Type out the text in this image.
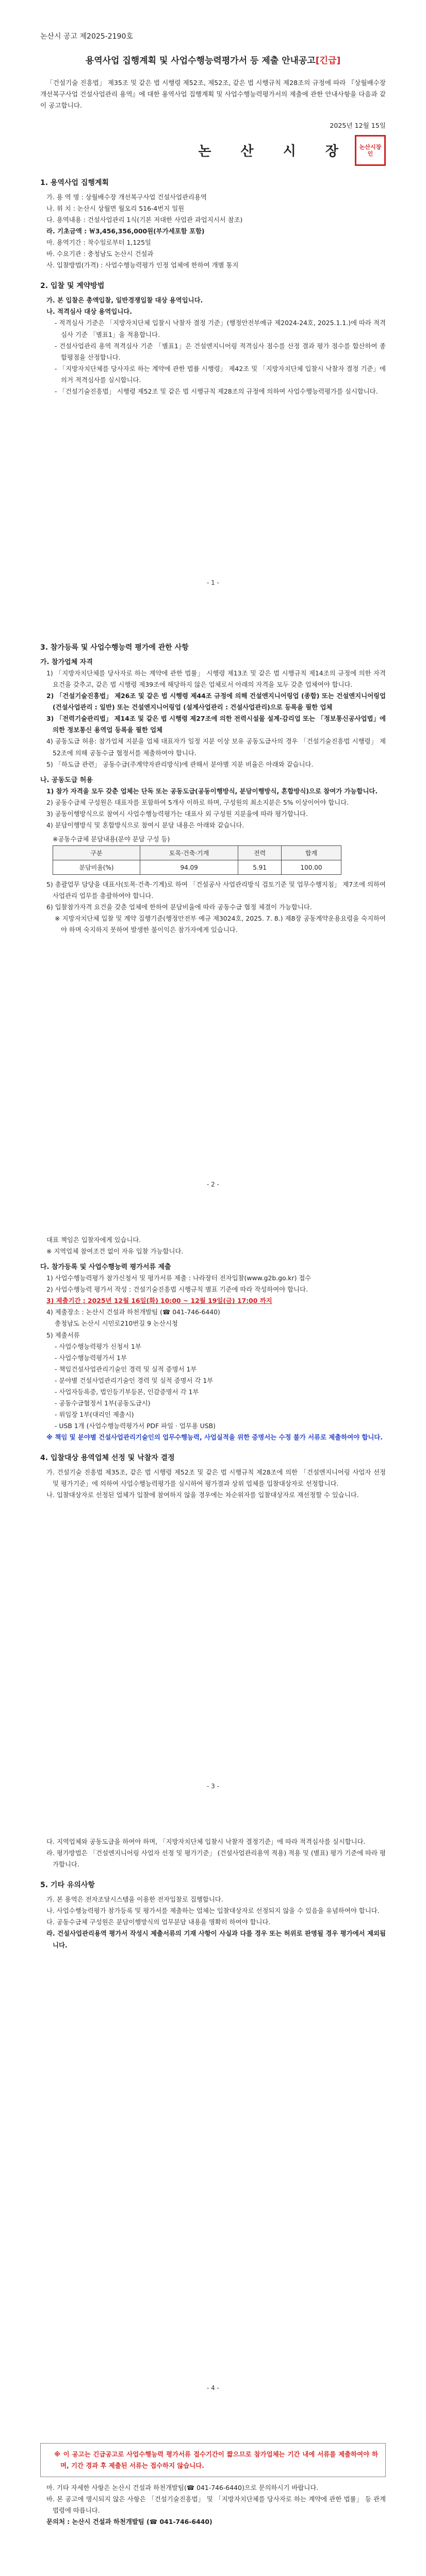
논산시 공고 제2025-2190호
용역사업 집행계획 및 사업수행능력평가서 등 제출 안내공고[긴급]

「건설기술 진흥법」 제35조 및 같은 법 시행령 제52조, 제52조, 같은 법 시행규칙 제28조의 규정에 따라 『상월배수장 개선복구사업 건설사업관리 용역』에 대한 용역사업 집행계획 및 사업수행능력평가서의 제출에 관한 안내사항을 다음과 같이 공고합니다.

2025년 12월 15일
논 산 시 장	논산시장인
1. 용역사업 집행계획
가. 용 역 명 : 상월배수장 개선복구사업 건설사업관리용역
나. 위 치 : 논산시 상월면 월오리 516-4번지 일원
다. 용역내용 : 건설사업관리 1식(기본 저대한 사업관 과업지시서 참조)
라. 기초금액 : ￦3,456,356,000원(부가세포함 포함)
마. 용역기간 : 착수일로부터 1,125일
바. 수요기관 : 충청남도 논산시 건설과
사. 입찰방법(가격) : 사업수행능력평가 인정 업체에 한하여 개별 통지
2. 입찰 및 계약방법
가. 본 입찰은 총액입찰, 일반경쟁입찰 대상 용역입니다.
나. 적격심사 대상 용역입니다.
- 적격심사 기준은 「지방자치단체 입찰시 낙찰자 결정 기준」(행정안전부예규 제2024-24호, 2025.1.1.)에 따라 적격심사 기준 「별표1」을 적용합니다.
- 건설사업관리 용역 적격심사 기준 「별표1」은 건설엔지니어링 적격심사 점수를 산정 결과 평가 점수를 합산하여 종합평점을 산정합니다.
- 「지방자치단체를 당사자로 하는 계약에 관한 법률 시행령」 제42조 및 「지방자치단체 입찰시 낙찰자 결정 기준」에 의거 적격심사를 실시합니다.
- 「건설기술진흥법」 시행령 제52조 및 같은 법 시행규칙 제28조의 규정에 의하여 사업수행능력평가를 실시합니다.
- 1 -
3. 참가등록 및 사업수행능력 평가에 관한 사항
가. 참가업체 자격
1) 「지방자치단체를 당사자로 하는 계약에 관한 법률」 시행령 제13조 및 같은 법 시행규칙 제14조의 규정에 의한 자격 요건을 갖추고, 같은 법 시행령 제39조에 해당하지 않은 업체로서 아래의 자격을 모두 갖춘 업체여야 합니다.
2) 「건설기술진흥법」 제26조 및 같은 법 시행령 제44조 규정에 의해 건설엔지니어링업 (종합) 또는 건설엔지니어링업 (건설사업관리 : 일반) 또는 건설엔지니어링업 (설계사업관리 : 건설사업관리)으로 등록을 필한 업체
3) 「전력기술관리법」 제14조 및 같은 법 시행령 제27조에 의한 전력시설물 설계·감리업 또는 「정보통신공사업법」에 의한 정보통신 용역업 등록을 필한 업체
4) 공동도급 허용: 참가업체 지분을 업체 대표자가 일정 지분 이상 보유 공동도급사의 경우 「건설기술진흥법 시행령」 제52조에 의해 공동수급 협정서를 제출하여야 합니다.
5) 「하도급 관련」 공동수급(주계약자관리방식)에 관해서 분야별 지분 비율은 아래와 같습니다.
나. 공동도급 허용
1) 참가 자격을 모두 갖춘 업체는 단독 또는 공동도급(공동이행방식, 분담이행방식, 혼합방식)으로 참여가 가능합니다.
2) 공동수급체 구성원은 대표자를 포함하여 5개사 이하로 하며, 구성원의 최소지분은 5% 이상이어야 합니다.
3) 공동이행방식으로 참여시 사업수행능력평가는 대표사 외 구성원 지분율에 따라 평가합니다.
4) 분담이행방식 및 혼합방식으로 참여시 분담 내용은 아래와 같습니다.
※공동수급체 분담내용(분야 분담 구성 등)
구분	토목·건축·기계	전력	합계
분담비율(%)	94.09	5.91	100.00
5) 총괄업무 담당을 대표사(토목·건축·기계)로 하여 「건설공사 사업관리방식 검토기준 및 업무수행지침」 제7조에 의하여 사업관리 업무를 총괄하여야 합니다.
6) 입찰참가자격 요건을 갖춘 업체에 한하여 분담비율에 따라 공동수급 협정 체결이 가능합니다.
※ 지방자치단체 입찰 및 계약 집행기준(행정안전부 예규 제3024호, 2025. 7. 8.) 제8장 공동계약운용요령을 숙지하여야 하며 숙지하지 못하여 발생한 불이익은 참가자에게 있습니다.
- 2 -
대표 책임은 입찰자에게 있습니다.
※ 지역업체 참여조건 없이 자유 입찰 가능합니다.
다. 참가등록 및 사업수행능력 평가서류 제출
1) 사업수행능력평가 참가신청서 및 평가서류 제출 : 나라장터 전자입찰(www.g2b.go.kr) 접수
2) 사업수행능력 평가서 작성 : 건설기술진흥법 시행규칙 별표 기준에 따라 작성하여야 합니다.
3) 제출기간 : 2025년 12월 16일(화) 10:00 ~ 12월 19일(금) 17:00 까지
4) 제출장소 : 논산시 건설과 하천개발팀 (☎ 041-746-6440)
충청남도 논산시 시민로210번길 9 논산시청
5) 제출서류
- 사업수행능력평가 신청서 1부
- 사업수행능력평가서 1부
- 책임건설사업관리기술인 경력 및 실적 증명서 1부
- 분야별 건설사업관리기술인 경력 및 실적 증명서 각 1부
- 사업자등록증, 법인등기부등본, 인감증명서 각 1부
- 공동수급협정서 1부(공동도급시)
- 위임장 1부(대리인 제출시)
- USB 1개 (사업수행능력평가서 PDF 파일 · 업무용 USB)
※ 책임 및 분야별 건설사업관리기술인의 업무수행능력, 사업실적을 위한 증명서는 수정 불가 서류로 제출하여야 합니다.
4. 입찰대상 용역업체 선정 및 낙찰자 결정
가. 건설기술 진흥법 제35조, 같은 법 시행령 제52조 및 같은 법 시행규칙 제28조에 의한 「건설엔지니어링 사업자 선정 및 평가기준」에 의하여 사업수행능력평가를 실시하여 평가결과 상위 업체를 입찰대상자로 선정합니다.
나. 입찰대상자로 선정된 업체가 입찰에 참여하지 않을 경우에는 차순위자를 입찰대상자로 재선정할 수 있습니다.
- 3 -
다. 지역업체와 공동도급을 하여야 하며, 「지방자치단체 입찰시 낙찰자 결정기준」에 따라 적격심사를 실시합니다.
라. 평가방법은 「건설엔지니어링 사업자 선정 및 평가기준」 (건설사업관리용역 적용) 적용 및 (별표) 평가 기준에 따라 평가합니다.
5. 기타 유의사항
가. 본 용역은 전자조달시스템을 이용한 전자입찰로 집행합니다.
나. 사업수행능력평가 참가등록 및 평가서를 제출하는 업체는 입찰대상자로 선정되지 않을 수 있음을 유념하여야 합니다.
다. 공동수급체 구성원은 분담이행방식의 업무분담 내용을 명확히 하여야 합니다.
라. 건설사업관리용역 평가서 작성시 제출서류의 기재 사항이 사실과 다를 경우 또는 허위로 판명될 경우 평가에서 제외됩니다.
- 4 -
※ 이 공고는 긴급공고로 사업수행능력 평가서류 접수기간이 짧으므로 참가업체는 기간 내에 서류를 제출하여야 하며, 기간 경과 후 제출된 서류는 접수하지 않습니다.
마. 기타 자세한 사항은 논산시 건설과 하천개발팀(☎ 041-746-6440)으로 문의하시기 바랍니다.
바. 본 공고에 명시되지 않은 사항은 「건설기술진흥법」 및 「지방자치단체를 당사자로 하는 계약에 관한 법률」 등 관계법령에 따릅니다.
문의처 : 논산시 건설과 하천개발팀 (☎ 041-746-6440)
